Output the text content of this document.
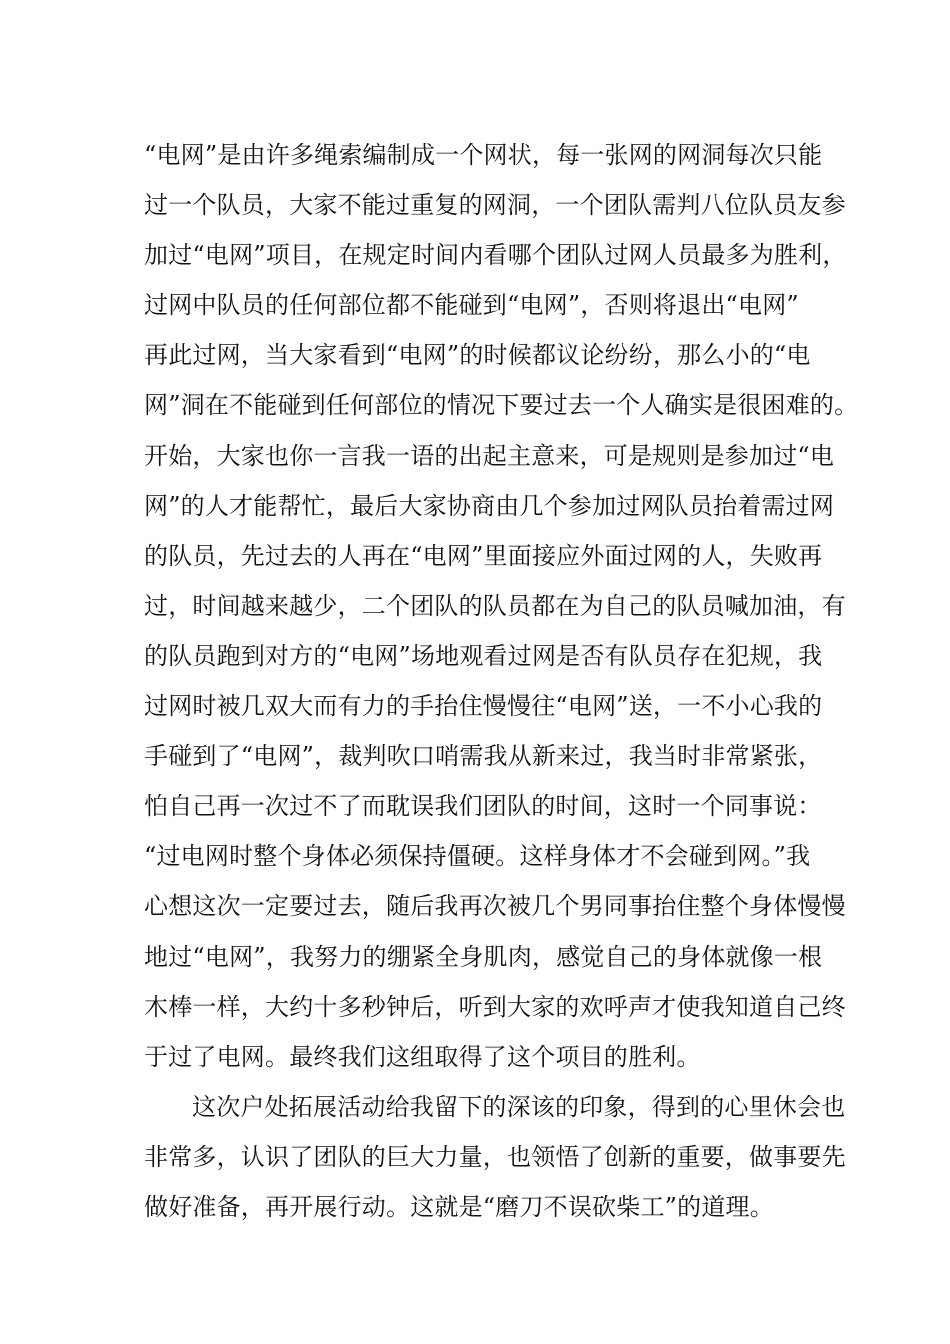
“电网”是由许多绳索编制成一个网状，每一张网的网洞每次只能
过一个队员，大家不能过重复的网洞，一个团队需判八位队员友参
加过“电网”项目，在规定时间内看哪个团队过网人员最多为胜利，
过网中队员的任何部位都不能碰到“电网”，否则将退出“电网”
再此过网，当大家看到“电网”的时候都议论纷纷，那么小的“电
网”洞在不能碰到任何部位的情况下要过去一个人确实是很困难的。
开始，大家也你一言我一语的出起主意来，可是规则是参加过“电
网”的人才能帮忙，最后大家协商由几个参加过网队员抬着需过网
的队员，先过去的人再在“电网”里面接应外面过网的人，失败再
过，时间越来越少，二个团队的队员都在为自己的队员喊加油，有
的队员跑到对方的“电网”场地观看过网是否有队员存在犯规，我
过网时被几双大而有力的手抬住慢慢往“电网”送，一不小心我的
手碰到了“电网”，裁判吹口哨需我从新来过，我当时非常紧张，
怕自己再一次过不了而耽误我们团队的时间，这时一个同事说：
“过电网时整个身体必须保持僵硬。这样身体才不会碰到网。”我
心想这次一定要过去，随后我再次被几个男同事抬住整个身体慢慢
地过“电网”，我努力的绷紧全身肌肉，感觉自己的身体就像一根
木棒一样，大约十多秒钟后，听到大家的欢呼声才使我知道自己终
于过了电网。最终我们这组取得了这个项目的胜利。
这次户处拓展活动给我留下的深该的印象，得到的心里休会也
非常多，认识了团队的巨大力量，也领悟了创新的重要，做事要先
做好准备，再开展行动。这就是“磨刀不误砍柴工”的道理。
